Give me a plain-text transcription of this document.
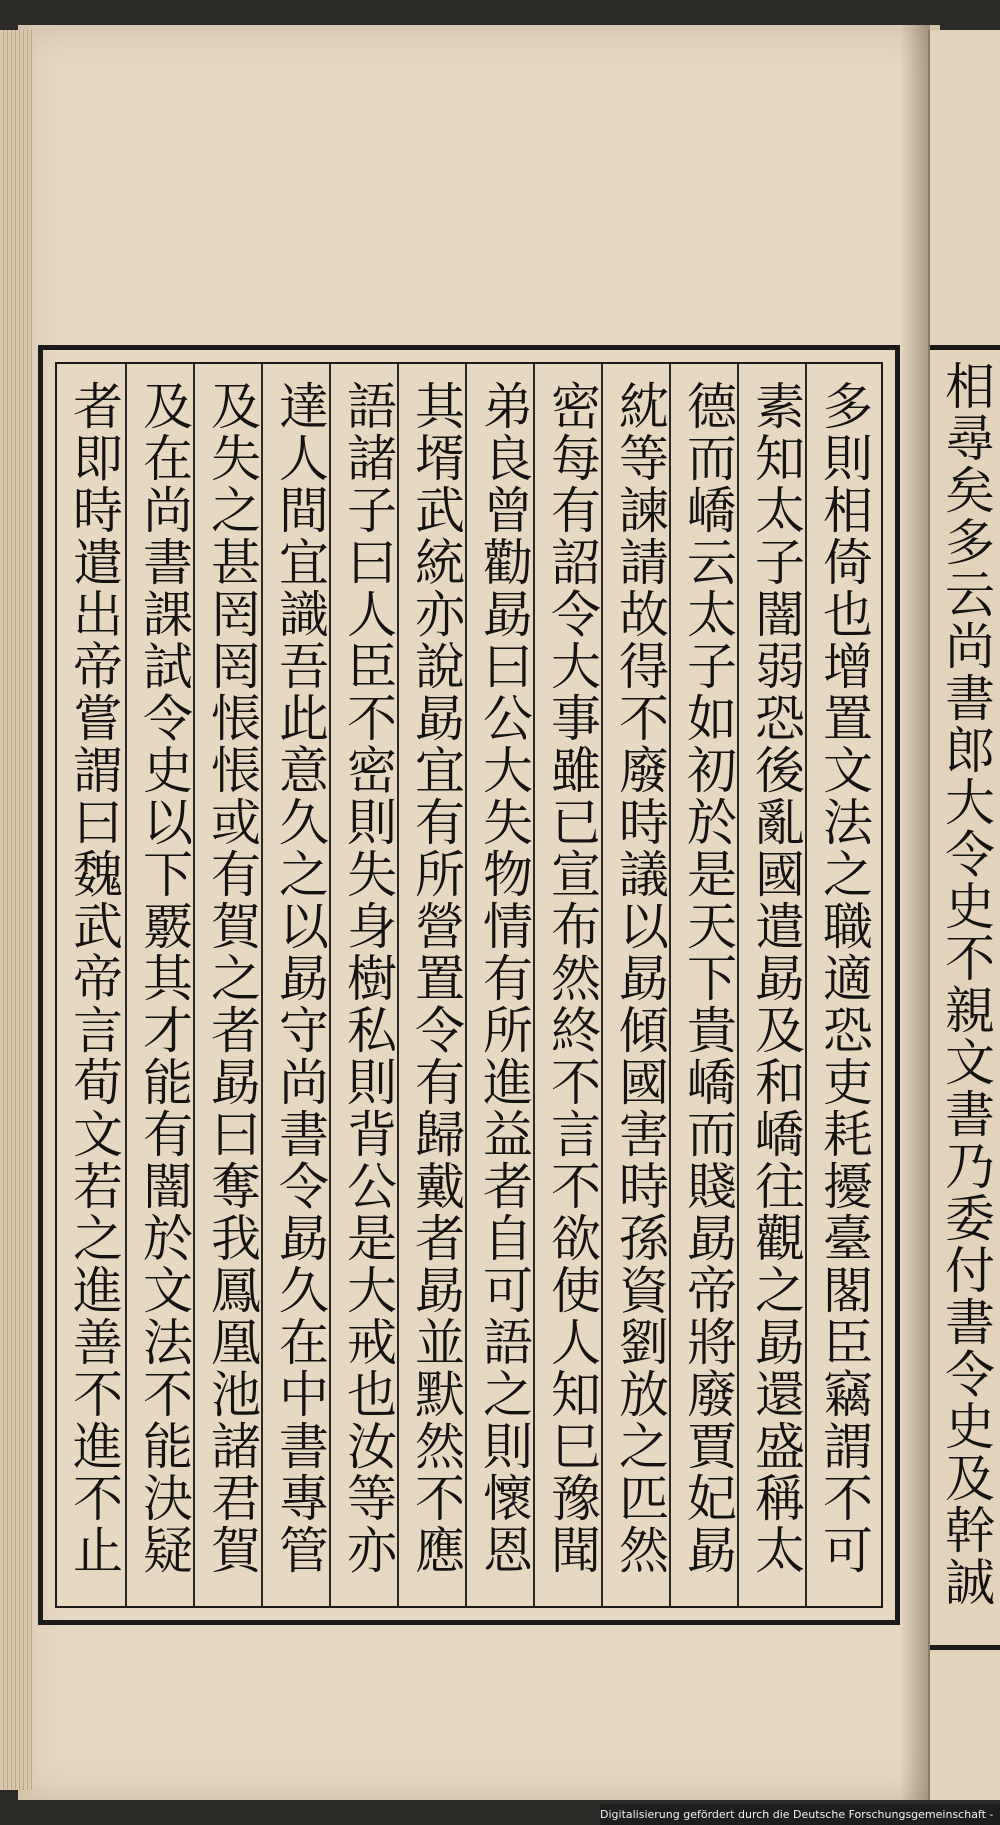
多則相倚也增置文法之職適恐吏耗擾臺閣臣竊謂不可
素知太子闇弱恐後亂國遣勗及和嶠往觀之勗還盛稱太
德而嶠云太子如初於是天下貴嶠而賤勗帝將廢賈妃勗
紞等諫請故得不廢時議以勗傾國害時孫資劉放之匹然
密每有詔令大事雖已宣布然終不言不欲使人知巳豫聞
弟良曾勸勗曰公大失物情有所進益者自可語之則懷恩
其壻武統亦說勗宜有所營置令有歸戴者勗並默然不應
語諸子曰人臣不密則失身樹私則背公是大戒也汝等亦
達人間宜識吾此意久之以勗守尚書令勗久在中書專管
及失之甚罔罔悵悵或有賀之者勗曰奪我鳳凰池諸君賀
及在尚書課試令史以下覈其才能有闇於文法不能決疑
者即時遣出帝嘗謂曰魏武帝言荀文若之進善不進不止
相尋矣多云尚書郎大令史不親文書乃委付書令史及幹誠
Digitalisierung gefördert durch die Deutsche Forschungsgemeinschaft -
